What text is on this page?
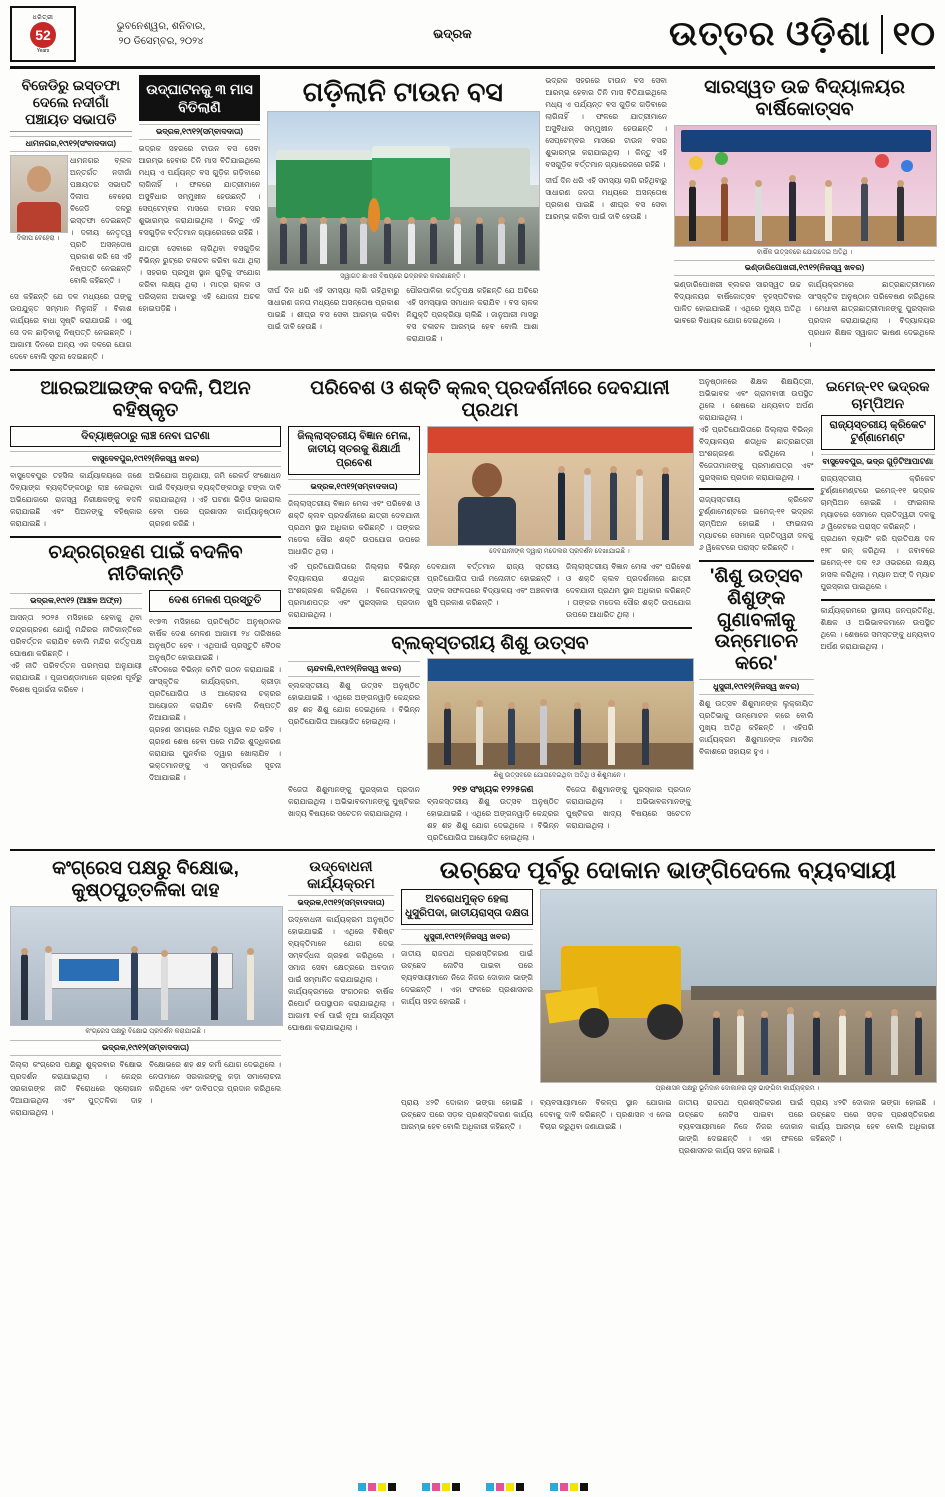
ଧରିତ୍ରୀ
52
Years
ଭୁବନେଶ୍ୱର, ଶନିବାର,
୨୦ ଡିସେମ୍ବର, ୨୦୨୪
ଭଦ୍ରକ	ଉତ୍ତର ଓଡ଼ିଶା ୧୦
ବିଜେଡିରୁ ଇସ୍ତଫା ଦେଲେ ନଦୀଗାଁ ପଞ୍ଚାୟତ ସଭାପତି
ଧାମନଗର,୧୯ା୧୨(ସଂବାଦଦାତା)
ଦିଲୀପ ବେହେରା ।
ଧାମନଗର ବ୍ଲକ ଅନ୍ତର୍ଗତ ନଦୀଗାଁ ପଞ୍ଚାୟତର ସଭାପତି ଦିଲୀପ ବେହେରା ବିଜେଡି ଦଳରୁ ଇସ୍ତଫା ଦେଇଛନ୍ତି । ଦଳୀୟ ନେତୃତ୍ୱ ପ୍ରତି ଅସନ୍ତୋଷ ପ୍ରକାଶ କରି ସେ ଏହି ନିଷ୍ପତ୍ତି ନେଇଛନ୍ତି ବୋଲି କହିଛନ୍ତି ।
ସେ କହିଛନ୍ତି ଯେ ଦଳ ମଧ୍ୟରେ ତାଙ୍କୁ ଉପଯୁକ୍ତ ସମ୍ମାନ ମିଳୁନାହିଁ । ବିକାଶ କାର୍ଯ୍ୟରେ ବାଧା ସୃଷ୍ଟି କରାଯାଉଛି । ଏଣୁ ସେ ଦଳ ଛାଡ଼ିବାକୁ ନିଷ୍ପତ୍ତି ନେଇଛନ୍ତି । ଆଗାମୀ ଦିନରେ ଅନ୍ୟ ଏକ ଦଳରେ ଯୋଗ ଦେବେ ବୋଲି ସୂଚନା ଦେଇଛନ୍ତି ।
ଉଦ୍‌ଘାଟନକୁ ୩ ମାସ ବିତିଲାଣି
ଭଦ୍ରକ,୧୯ା୧୨(ସମ୍ବାଦଦାତା)
ଭଦ୍ରକ ସହରରେ ଟାଉନ ବସ ସେବା ଆରମ୍ଭ ହେବାର ତିନି ମାସ ବିତିଯାଇଥିଲେ ମଧ୍ୟ ଏ ପର୍ଯ୍ୟନ୍ତ ବସ ଗୁଡ଼ିକ ଗଡ଼ିବାରେ ଲାଗିନାହିଁ । ଫଳରେ ଯାତ୍ରୀମାନେ ଅସୁବିଧାର ସମ୍ମୁଖୀନ ହେଉଛନ୍ତି । ସେପ୍ଟେମ୍ବର ମାସରେ ଟାଉନ ବସର ଶୁଭାରମ୍ଭ କରାଯାଇଥିଲା । କିନ୍ତୁ ଏହି ବସଗୁଡ଼ିକ ବର୍ତ୍ତମାନ ଗ୍ୟାରେଜରେ ରହିଛି ।
ଯାତ୍ରୀ ସେବାରେ ଲାଗିଥିବା ବସଗୁଡ଼ିକ ବିଭିନ୍ନ ରୁଟ୍‌ରେ ଚଳାଚଳ କରିବା କଥା ଥିଲା । ସହରର ପ୍ରମୁଖ ସ୍ଥାନ ଗୁଡ଼ିକୁ ସଂଯୋଗ କରିବା ଲକ୍ଷ୍ୟ ଥିଲା । ମାତ୍ର ଚାଳକ ଓ ପରିଚାଳନା ଅଭାବରୁ ଏହି ଯୋଜନା ଅଚଳ ହୋଇପଡ଼ିଛି ।
ଗଡ଼ିଲାନି ଟାଉନ ବସ
ସ୍ୱାଗତ ଛାଏର ବିଷୟରେ ଭଦ୍ରକର କାରଣାଛନ୍ତି ।
ଦୀର୍ଘ ଦିନ ଧରି ଏହି ସମସ୍ୟା ଲାଗି ରହିଥିବାରୁ ସାଧାରଣ ଜନତା ମଧ୍ୟରେ ଅସନ୍ତୋଷ ପ୍ରକାଶ ପାଇଛି । ଶୀଘ୍ର ବସ ସେବା ଆରମ୍ଭ କରିବା ପାଇଁ ଦାବି ହେଉଛି ।
ପୌରପାଳିକା କର୍ତ୍ତୃପକ୍ଷ କହିଛନ୍ତି ଯେ ଅଚିରେ ଏହି ସମସ୍ୟାର ସମାଧାନ କରାଯିବ । ବସ ଚାଳକ ନିଯୁକ୍ତି ପ୍ରକ୍ରିୟା ଚାଲିଛି । ଜାନୁଆରୀ ମାସରୁ ବସ ଚଳାଚଳ ଆରମ୍ଭ ହେବ ବୋଲି ଆଶା କରାଯାଉଛି ।
ଭଦ୍ରକ ସହରରେ ଟାଉନ ବସ ସେବା ଆରମ୍ଭ ହେବାର ତିନି ମାସ ବିତିଯାଇଥିଲେ ମଧ୍ୟ ଏ ପର୍ଯ୍ୟନ୍ତ ବସ ଗୁଡ଼ିକ ଗଡ଼ିବାରେ ଲାଗିନାହିଁ । ଫଳରେ ଯାତ୍ରୀମାନେ ଅସୁବିଧାର ସମ୍ମୁଖୀନ ହେଉଛନ୍ତି । ସେପ୍ଟେମ୍ବର ମାସରେ ଟାଉନ ବସର ଶୁଭାରମ୍ଭ କରାଯାଇଥିଲା । କିନ୍ତୁ ଏହି ବସଗୁଡ଼ିକ ବର୍ତ୍ତମାନ ଗ୍ୟାରେଜରେ ରହିଛି ।
ଦୀର୍ଘ ଦିନ ଧରି ଏହି ସମସ୍ୟା ଲାଗି ରହିଥିବାରୁ ସାଧାରଣ ଜନତା ମଧ୍ୟରେ ଅସନ୍ତୋଷ ପ୍ରକାଶ ପାଇଛି । ଶୀଘ୍ର ବସ ସେବା ଆରମ୍ଭ କରିବା ପାଇଁ ଦାବି ହେଉଛି ।
ସାରସ୍ୱତ ଉଚ୍ଚ ବିଦ୍ୟାଳୟର ବାର୍ଷିକୋତ୍ସବ
ବାର୍ଷିକ ଉତ୍ସବରେ ଯୋଗଦେଇ ଅତିଥି ।
ଭଣ୍ଡାରିପୋଖରୀ,୧୯ା୧୨(ନିଜସ୍ୱ ଖବର)
ଭଣ୍ଡାରିପୋଖରୀ ବ୍ଲକର ସାରସ୍ୱତ ଉଚ୍ଚ ବିଦ୍ୟାଳୟର ବାର୍ଷିକୋତ୍ସବ ବୃହସ୍ପତିବାର ପାଳିତ ହୋଇଯାଇଛି । ଏଥିରେ ମୁଖ୍ୟ ଅତିଥି ଭାବରେ ବିଧାୟକ ଯୋଗ ଦେଇଥିଲେ ।
କାର୍ଯ୍ୟକ୍ରମରେ ଛାତ୍ରଛାତ୍ରୀମାନେ ସାଂସ୍କୃତିକ ଅନୁଷ୍ଠାନ ପରିବେଷଣ କରିଥିଲେ । ମେଧାବୀ ଛାତ୍ରଛାତ୍ରୀମାନଙ୍କୁ ପୁରସ୍କାର ପ୍ରଦାନ କରାଯାଇଥିଲା । ବିଦ୍ୟାଳୟର ପ୍ରଧାନ ଶିକ୍ଷକ ସ୍ୱାଗତ ଭାଷଣ ଦେଇଥିଲେ ।
ଆରଇଆଇଙ୍କ ବଦଳି, ପିଅନ ବହିଷ୍କୃତ
ଦିବ୍ୟାଞ୍ଜଠାରୁ ଲାଞ୍ଚ ନେବା ଘଟଣା
ବାସୁଦେବପୁର,୧୯ା୧୨(ନିଜସ୍ୱ ଖବର)
ବାସୁଦେବପୁର ତହସିଲ କାର୍ଯ୍ୟାଳୟରେ ଜଣେ ଦିବ୍ୟାଙ୍ଗ ବ୍ୟକ୍ତିଙ୍କଠାରୁ ଲାଞ୍ଚ ନେଇଥିବା ଅଭିଯୋଗରେ ରାଜସ୍ୱ ନିରୀକ୍ଷକଙ୍କୁ ବଦଳି କରାଯାଇଛି ଏବଂ ପିଅନଙ୍କୁ ବହିଷ୍କାର କରାଯାଇଛି ।
ଅଭିଯୋଗ ଅନୁଯାୟୀ, ଜମି ରେକର୍ଡ ସଂଶୋଧନ ପାଇଁ ଦିବ୍ୟାଙ୍ଗ ବ୍ୟକ୍ତିଙ୍କଠାରୁ ଟଙ୍କା ଦାବି କରାଯାଇଥିଲା । ଏହି ଘଟଣା ଭିଡ଼ିଓ ଭାଇରାଲ ହେବା ପରେ ପ୍ରଶାସନ କାର୍ଯ୍ୟାନୁଷ୍ଠାନ ଗ୍ରହଣ କରିଛି ।
ଚନ୍ଦ୍ରଗ୍ରହଣ ପାଇଁ ବଦଳିବ ନୀତିକାନ୍ତି
ଭଦ୍ରକ,୧୯ା୧୨ (ଆଞ୍ଚଳ ଅଫ୍ନ)
ଆସନ୍ତା ୨୦୨୫ ମସିହାରେ ହେବାକୁ ଥିବା ଚନ୍ଦ୍ରଗ୍ରହଣ ଯୋଗୁଁ ମନ୍ଦିରର ନୀତିକାନ୍ତିରେ ପରିବର୍ତ୍ତନ କରାଯିବ ବୋଲି ମନ୍ଦିର କର୍ତ୍ତୃପକ୍ଷ ଘୋଷଣା କରିଛନ୍ତି ।
ଏହି ନୀତି ପରିବର୍ତ୍ତନ ପରମ୍ପରା ଅନୁଯାୟୀ କରାଯାଉଛି । ପୂଜାପଣ୍ଡାମାନେ ଗ୍ରହଣ ପୂର୍ବରୁ ବିଶେଷ ପୂଜାର୍ଚ୍ଚନା କରିବେ ।
ଦେଶ ମେଳଣ ପ୍ରସ୍ତୁତି
୧୯୭୩ ମସିହାରେ ପ୍ରତିଷ୍ଠିତ ଅନୁଷ୍ଠାନର ବାର୍ଷିକ ଦେଶ ମେଳଣ ଆଗାମୀ ୨୪ ତାରିଖରେ ଅନୁଷ୍ଠିତ ହେବ । ଏଥିପାଇଁ ପ୍ରସ୍ତୁତି ବୈଠକ ଅନୁଷ୍ଠିତ ହୋଇଯାଇଛି ।
ବୈଠକରେ ବିଭିନ୍ନ କମିଟି ଗଠନ କରାଯାଇଛି । ସାଂସ୍କୃତିକ କାର୍ଯ୍ୟକ୍ରମ, କ୍ରୀଡ଼ା ପ୍ରତିଯୋଗିତା ଓ ଆଲୋଚନା ଚକ୍ରର ଆୟୋଜନ କରାଯିବ ବୋଲି ନିଷ୍ପତ୍ତି ନିଆଯାଇଛି ।
ଗ୍ରହଣ ସମୟରେ ମନ୍ଦିର ଦ୍ୱାର ବନ୍ଦ ରହିବ । ଗ୍ରହଣ ଶେଷ ହେବା ପରେ ମନ୍ଦିର ଶୁଦ୍ଧିକରଣ କରାଯାଇ ପୁନର୍ବାର ଦ୍ୱାର ଖୋଲାଯିବ । ଭକ୍ତମାନଙ୍କୁ ଏ ସମ୍ପର୍କରେ ସୂଚନା ଦିଆଯାଇଛି ।
ପରିବେଶ ଓ ଶକ୍ତି କ୍ଲବ୍‌ ପ୍ରଦର୍ଶନୀରେ ଦେବଯାନୀ ପ୍ରଥମ
ଜିଲ୍ଲାସ୍ତରୀୟ ବିଜ୍ଞାନ ମେଳା, ଜାତୀୟ ସ୍ତରକୁ ଶିକ୍ଷାର୍ଥୀ ପ୍ରବେଶ
ଭଦ୍ରକ,୧୯ା୧୨(ସମ୍ବାଦଦାତା)
ଜିଲ୍ଲାସ୍ତରୀୟ ବିଜ୍ଞାନ ମେଳା ଏବଂ ପରିବେଶ ଓ ଶକ୍ତି କ୍ଲବ ପ୍ରଦର୍ଶନୀରେ ଛାତ୍ରୀ ଦେବଯାନୀ ପ୍ରଥମ ସ୍ଥାନ ଅଧିକାର କରିଛନ୍ତି । ତାଙ୍କର ମଡେଲ ସୌର ଶକ୍ତି ଉପଯୋଗ ଉପରେ ଆଧାରିତ ଥିଲା ।	ଦେବଯାନୀଙ୍କ ଦ୍ୱାରା ମଡେଲର ପ୍ରଦର୍ଶନ ଦେଖାଯାଇଛି ।
ଏହି ପ୍ରତିଯୋଗିତାରେ ଜିଲ୍ଲାର ବିଭିନ୍ନ ବିଦ୍ୟାଳୟର ଶତାଧିକ ଛାତ୍ରଛାତ୍ରୀ ଅଂଶଗ୍ରହଣ କରିଥିଲେ । ବିଜେତାମାନଙ୍କୁ ପ୍ରମାଣପତ୍ର ଏବଂ ପୁରସ୍କାର ପ୍ରଦାନ କରାଯାଇଥିଲା ।
ଦେବଯାନୀ ବର୍ତ୍ତମାନ ରାଜ୍ୟ ସ୍ତରୀୟ ପ୍ରତିଯୋଗିତା ପାଇଁ ମନୋନୀତ ହୋଇଛନ୍ତି । ତାଙ୍କ ସଫଳତାରେ ବିଦ୍ୟାଳୟ ଏବଂ ଅଞ୍ଚଳବାସୀ ଖୁସି ପ୍ରକାଶ କରିଛନ୍ତି ।
ଜିଲ୍ଲାସ୍ତରୀୟ ବିଜ୍ଞାନ ମେଳା ଏବଂ ପରିବେଶ ଓ ଶକ୍ତି କ୍ଲବ ପ୍ରଦର୍ଶନୀରେ ଛାତ୍ରୀ ଦେବଯାନୀ ପ୍ରଥମ ସ୍ଥାନ ଅଧିକାର କରିଛନ୍ତି । ତାଙ୍କର ମଡେଲ ସୌର ଶକ୍ତି ଉପଯୋଗ ଉପରେ ଆଧାରିତ ଥିଲା ।
ବ୍ଲକ୍‌ସ୍ତରୀୟ ଶିଶୁ ଉତ୍ସବ
ଚାନ୍ଦବାଲି,୧୯ା୧୨(ନିଜସ୍ୱ ଖବର)
ବ୍ଲକସ୍ତରୀୟ ଶିଶୁ ଉତ୍ସବ ଅନୁଷ୍ଠିତ ହୋଇଯାଇଛି । ଏଥିରେ ଅଙ୍ଗନୱାଡ଼ି କେନ୍ଦ୍ରର ଶହ ଶହ ଶିଶୁ ଯୋଗ ଦେଇଥିଲେ । ବିଭିନ୍ନ ପ୍ରତିଯୋଗିତା ଆୟୋଜିତ ହୋଇଥିଲା ।
ଶିଶୁ ଉତ୍ସବରେ ଯୋଗଦେଇଥିବା ଅତିଥି ଓ ଶିଶୁମାନେ ।
ବିଜେତା ଶିଶୁମାନଙ୍କୁ ପୁରସ୍କାର ପ୍ରଦାନ କରାଯାଇଥିଲା । ଅଭିଭାବକମାନଙ୍କୁ ପୁଷ୍ଟିକର ଖାଦ୍ୟ ବିଷୟରେ ସଚେତନ କରାଯାଇଥିଲା ।
୨୧୭ ସଂଖ୍ୟକ ୧୨୨୫ଜଣ
ବ୍ଲକସ୍ତରୀୟ ଶିଶୁ ଉତ୍ସବ ଅନୁଷ୍ଠିତ ହୋଇଯାଇଛି । ଏଥିରେ ଅଙ୍ଗନୱାଡ଼ି କେନ୍ଦ୍ରର ଶହ ଶହ ଶିଶୁ ଯୋଗ ଦେଇଥିଲେ । ବିଭିନ୍ନ ପ୍ରତିଯୋଗିତା ଆୟୋଜିତ ହୋଇଥିଲା ।
ବିଜେତା ଶିଶୁମାନଙ୍କୁ ପୁରସ୍କାର ପ୍ରଦାନ କରାଯାଇଥିଲା । ଅଭିଭାବକମାନଙ୍କୁ ପୁଷ୍ଟିକର ଖାଦ୍ୟ ବିଷୟରେ ସଚେତନ କରାଯାଇଥିଲା ।
ଅନୁଷ୍ଠାନରେ ଶିକ୍ଷକ ଶିକ୍ଷୟିତ୍ରୀ, ଅଭିଭାବକ ଏବଂ ଗ୍ରାମବାସୀ ଉପସ୍ଥିତ ଥିଲେ । ଶେଷରେ ଧନ୍ୟବାଦ ଅର୍ପଣ କରାଯାଇଥିଲା ।
ଏହି ପ୍ରତିଯୋଗିତାରେ ଜିଲ୍ଲାର ବିଭିନ୍ନ ବିଦ୍ୟାଳୟର ଶତାଧିକ ଛାତ୍ରଛାତ୍ରୀ ଅଂଶଗ୍ରହଣ କରିଥିଲେ । ବିଜେତାମାନଙ୍କୁ ପ୍ରମାଣପତ୍ର ଏବଂ ପୁରସ୍କାର ପ୍ରଦାନ କରାଯାଇଥିଲା ।
ରାଜ୍ୟସ୍ତରୀୟ କ୍ରିକେଟ ଟୁର୍ଣ୍ଣାମେଣ୍ଟରେ ଇମେଜ୍‌-୧୧ ଭଦ୍ରକ ଚାମ୍ପିଅନ ହୋଇଛି । ଫାଇନାଲ ମ୍ୟାଚରେ ସେମାନେ ପ୍ରତିଦ୍ୱନ୍ଦୀ ଦଳକୁ ୬ ୱିକେଟରେ ପରାସ୍ତ କରିଛନ୍ତି ।
'ଶିଶୁ ଉତ୍ସବ ଶିଶୁଙ୍କ ଗୁଣାବଳୀକୁ ଉନ୍ମୋଚନ କରେ'
ଧୁସୁରୀ,୧୯ା୧୨(ନିଜସ୍ୱ ଖବର)
ଶିଶୁ ଉତ୍ସବ ଶିଶୁମାନଙ୍କ ଲୁକ୍କାୟିତ ପ୍ରତିଭାକୁ ଉନ୍ମୋଚନ କରେ ବୋଲି ମୁଖ୍ୟ ଅତିଥି କହିଛନ୍ତି । ଏହିପରି କାର୍ଯ୍ୟକ୍ରମ ଶିଶୁମାନଙ୍କ ମାନସିକ ବିକାଶରେ ସହାୟକ ହୁଏ ।
ଇମେଜ୍‌-୧୧ ଭଦ୍ରକ ଚାମ୍ପିଅନ
ରାଜ୍ୟସ୍ତରୀୟ କ୍ରିକେଟ ଟୁର୍ଣ୍ଣାମେଣ୍ଟ
ବାସୁଦେବପୁର, ଭଦ୍ର ଗୁଡ଼ିଟିଆପାଟଣା
ରାଜ୍ୟସ୍ତରୀୟ କ୍ରିକେଟ ଟୁର୍ଣ୍ଣାମେଣ୍ଟରେ ଇମେଜ୍‌-୧୧ ଭଦ୍ରକ ଚାମ୍ପିଅନ ହୋଇଛି । ଫାଇନାଲ ମ୍ୟାଚରେ ସେମାନେ ପ୍ରତିଦ୍ୱନ୍ଦୀ ଦଳକୁ ୬ ୱିକେଟରେ ପରାସ୍ତ କରିଛନ୍ତି ।
ପ୍ରଥମେ ବ୍ୟାଟିଂ କରି ପ୍ରତିପକ୍ଷ ଦଳ ୧୨୮ ରନ୍ କରିଥିଲା । ଜବାବରେ ଇମେଜ୍‌-୧୧ ଦଳ ୧୬ ଓଭରରେ ଲକ୍ଷ୍ୟ ହାସଲ କରିଥିଲା । ମ୍ୟାନ ଅଫ୍ ଦି ମ୍ୟାଚ ପୁରସ୍କାର ପାଇଥିଲେ ।
କାର୍ଯ୍ୟକ୍ରମରେ ସ୍ଥାନୀୟ ଜନପ୍ରତିନିଧି, ଶିକ୍ଷକ ଓ ଅଭିଭାବକମାନେ ଉପସ୍ଥିତ ଥିଲେ । ଶେଷରେ ସମସ୍ତଙ୍କୁ ଧନ୍ୟବାଦ ଅର୍ପଣ କରାଯାଇଥିଲା ।
କଂଗ୍ରେସ ପକ୍ଷରୁ ବିକ୍ଷୋଭ, କୁଷ୍ଠପୁତ୍ତଳିକା ଦାହ
କଂଗ୍ରେସ ପକ୍ଷରୁ ବିକ୍ଷୋଭ ପ୍ରଦର୍ଶନ କରାଯାଇଛି ।
ଭଦ୍ରକ,୧୯ା୧୨(ସମ୍ବାଦଦାତା)
ଜିଲ୍ଲା କଂଗ୍ରେସ ପକ୍ଷରୁ ଶୁକ୍ରବାର ବିକ୍ଷୋଭ ପ୍ରଦର୍ଶନ କରାଯାଇଥିଲା । କେନ୍ଦ୍ର ସରକାରଙ୍କ ନୀତି ବିରୋଧରେ ସ୍ଲୋଗାନ ଦିଆଯାଇଥିଲା ଏବଂ ପୁତ୍ତଳିକା ଦାହ କରାଯାଇଥିଲା ।
ବିକ୍ଷୋଭରେ ଶହ ଶହ କର୍ମୀ ଯୋଗ ଦେଇଥିଲେ । ନେତାମାନେ ସରକାରଙ୍କୁ କଡ଼ା ସମାଲୋଚନା କରିଥିଲେ ଏବଂ ଦାବିପତ୍ର ପ୍ରଦାନ କରିଥିଲେ ।
ଉଦ୍‌ବୋଧନୀ କାର୍ଯ୍ୟକ୍ରମ
ଭଦ୍ରକ,୧୯ା୧୨(ସମ୍ବାଦଦାତା)
ଉଦ୍‌ବୋଧନୀ କାର୍ଯ୍ୟକ୍ରମ ଅନୁଷ୍ଠିତ ହୋଇଯାଇଛି । ଏଥିରେ ବିଶିଷ୍ଟ ବ୍ୟକ୍ତିମାନେ ଯୋଗ ଦେଇ ସମ୍ବର୍ଦ୍ଧନା ଗ୍ରହଣ କରିଥିଲେ । ସମାଜ ସେବା କ୍ଷେତ୍ରରେ ଅବଦାନ ପାଇଁ ସମ୍ମାନିତ କରାଯାଇଥିଲା ।
କାର୍ଯ୍ୟକ୍ରମରେ ସଂଗଠନର ବାର୍ଷିକ ରିପୋର୍ଟ ଉପସ୍ଥାପନ କରାଯାଇଥିଲା । ଆଗାମୀ ବର୍ଷ ପାଇଁ ନୂଆ କାର୍ଯ୍ୟସୂଚୀ ଘୋଷଣା କରାଯାଇଥିଲା ।
ଉଚ୍ଛେଦ ପୂର୍ବରୁ ଦୋକାନ ଭାଙ୍ଗିଦେଲେ ବ୍ୟବସାୟୀ
ଅବରୋଧମୁକ୍ତ ହେଲା ଧୁସୁରିପଦା, ଜାତୀୟରାସ୍ତା ଦକ୍ଷତା
ଧୁସୁରୀ,୧୯ା୧୨(ନିଜସ୍ୱ ଖବର)
ଜାତୀୟ ରାଜପଥ ପ୍ରଶସ୍ତିକରଣ ପାଇଁ ଉଚ୍ଛେଦ ନୋଟିସ ପାଇବା ପରେ ବ୍ୟବସାୟୀମାନେ ନିଜେ ନିଜର ଦୋକାନ ଭାଙ୍ଗି ଦେଇଛନ୍ତି । ଏହା ଫଳରେ ପ୍ରଶାସନର କାର୍ଯ୍ୟ ସହଜ ହୋଇଛି ।
ପ୍ରଶାସନ ପକ୍ଷରୁ ଭୂମିଦାନ ଦୋକାନର ଗୃହ ଭାଙ୍ଗିବା କାର୍ଯ୍ୟକ୍ରମ ।
ପ୍ରାୟ ୪୨ଟି ଦୋକାନ ଭଙ୍ଗା ହୋଇଛି । ଉଚ୍ଛେଦ ପରେ ସଡ଼କ ପ୍ରଶସ୍ତିକରଣ କାର୍ଯ୍ୟ ଆରମ୍ଭ ହେବ ବୋଲି ଅଧିକାରୀ କହିଛନ୍ତି ।
ବ୍ୟବସାୟୀମାନେ ବିକଳ୍ପ ସ୍ଥାନ ଯୋଗାଇ ଦେବାକୁ ଦାବି କରିଛନ୍ତି । ପ୍ରଶାସନ ଏ ନେଇ ବିଚାର କରୁଥିବା ଜଣାଯାଇଛି ।
ଜାତୀୟ ରାଜପଥ ପ୍ରଶସ୍ତିକରଣ ପାଇଁ ଉଚ୍ଛେଦ ନୋଟିସ ପାଇବା ପରେ ବ୍ୟବସାୟୀମାନେ ନିଜେ ନିଜର ଦୋକାନ ଭାଙ୍ଗି ଦେଇଛନ୍ତି । ଏହା ଫଳରେ ପ୍ରଶାସନର କାର୍ଯ୍ୟ ସହଜ ହୋଇଛି ।
ପ୍ରାୟ ୪୨ଟି ଦୋକାନ ଭଙ୍ଗା ହୋଇଛି । ଉଚ୍ଛେଦ ପରେ ସଡ଼କ ପ୍ରଶସ୍ତିକରଣ କାର୍ଯ୍ୟ ଆରମ୍ଭ ହେବ ବୋଲି ଅଧିକାରୀ କହିଛନ୍ତି ।
